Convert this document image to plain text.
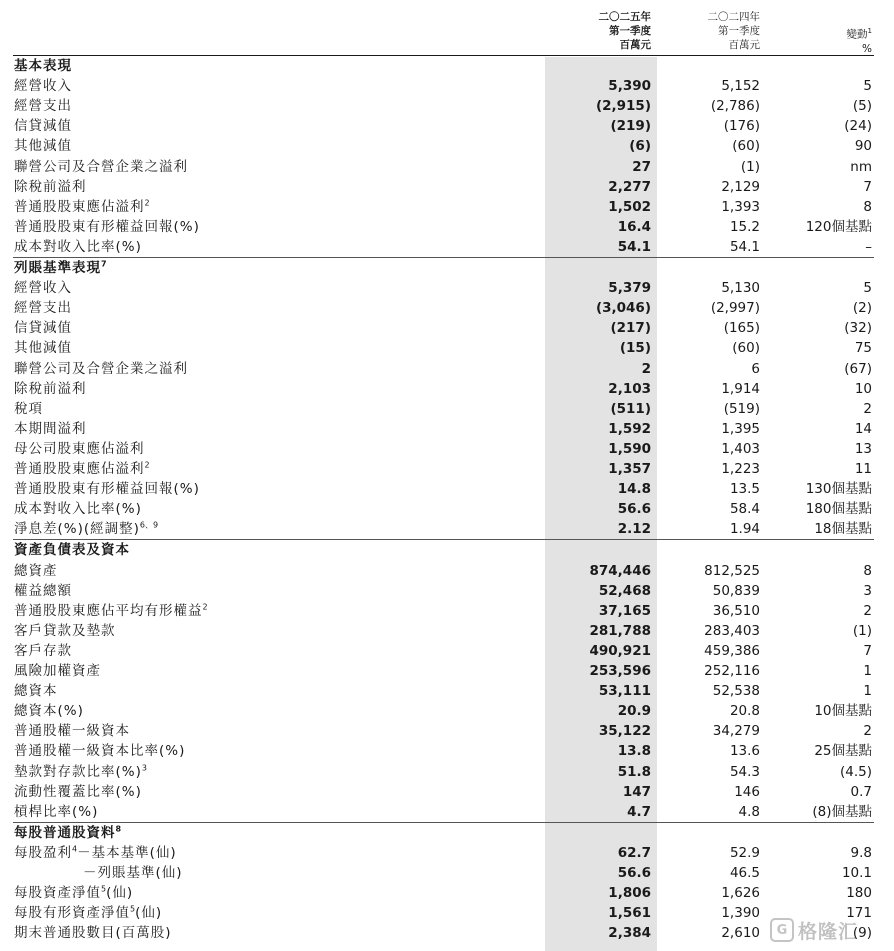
二〇二五年
第一季度
百萬元
二〇二四年
第一季度
百萬元

變動$^1$
%
G 格隆汇
基本表現
經營收入	5,390	5,152	5
經營支出	(2,915)	(2,786)	(5)
信貸減值	(219)	(176)	(24)
其他減值	(6)	(60)	90
聯營公司及合營企業之溢利	27	(1)	nm
除稅前溢利	2,277	2,129	7
普通股股東應佔溢利$^2$	1,502	1,393	8
普通股股東有形權益回報(%)	16.4	15.2	120個基點
成本對收入比率(%)	54.1	54.1	–
列賬基準表現$^7$
經營收入	5,379	5,130	5
經營支出	(3,046)	(2,997)	(2)
信貸減值	(217)	(165)	(32)
其他減值	(15)	(60)	75
聯營公司及合營企業之溢利	2	6	(67)
除稅前溢利	2,103	1,914	10
稅項	(511)	(519)	2
本期間溢利	1,592	1,395	14
母公司股東應佔溢利	1,590	1,403	13
普通股股東應佔溢利$^2$	1,357	1,223	11
普通股股東有形權益回報(%)	14.8	13.5	130個基點
成本對收入比率(%)	56.6	58.4	180個基點
淨息差(%)(經調整)$^{6、9}$	2.12	1.94	18個基點
資產負債表及資本
總資產	874,446	812,525	8
權益總額	52,468	50,839	3
普通股股東應佔平均有形權益$^2$	37,165	36,510	2
客戶貸款及墊款	281,788	283,403	(1)
客戶存款	490,921	459,386	7
風險加權資產	253,596	252,116	1
總資本	53,111	52,538	1
總資本(%)	20.9	20.8	10個基點
普通股權一級資本	35,122	34,279	2
普通股權一級資本比率(%)	13.8	13.6	25個基點
墊款對存款比率(%)$^3$	51.8	54.3	(4.5)
流動性覆蓋比率(%)	147	146	0.7
槓桿比率(%)	4.7	4.8	(8)個基點
每股普通股資料$^8$
每股盈利$^4$－基本基準(仙)	62.7	52.9	9.8
－列賬基準(仙)	56.6	46.5	10.1
每股資產淨值$^5$(仙)	1,806	1,626	180
每股有形資產淨值$^5$(仙)	1,561	1,390	171
期末普通股數目(百萬股)	2,384	2,610	(9)
